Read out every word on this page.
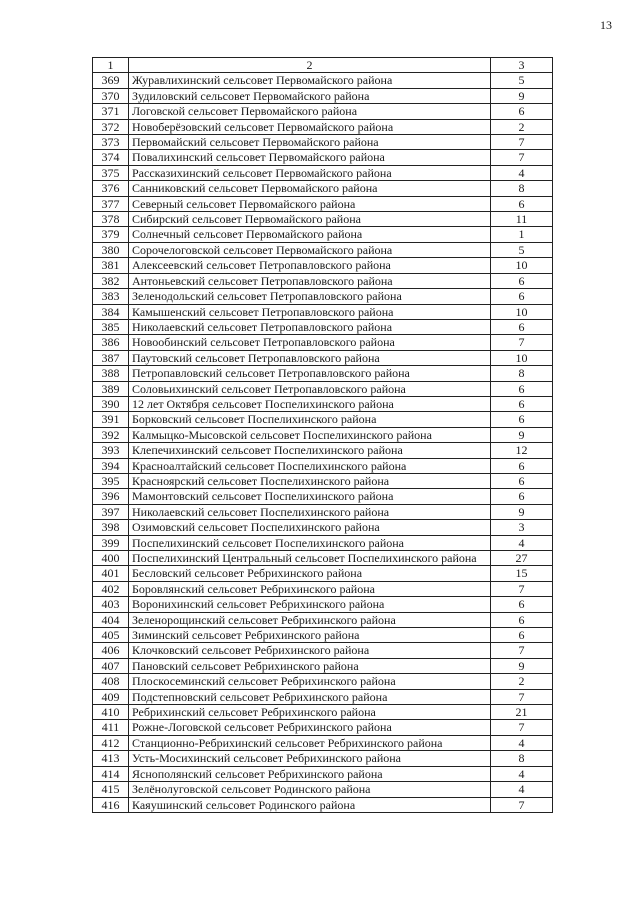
13
1	2	3
369	Журавлихинский сельсовет Первомайского района	5
370	Зудиловский сельсовет Первомайского района	9
371	Логовской сельсовет Первомайского района	6
372	Новоберёзовский сельсовет Первомайского района	2
373	Первомайский сельсовет Первомайского района	7
374	Повалихинский сельсовет Первомайского района	7
375	Рассказихинский сельсовет Первомайского района	4
376	Санниковский сельсовет Первомайского района	8
377	Северный сельсовет Первомайского района	6
378	Сибирский сельсовет Первомайского района	11
379	Солнечный сельсовет Первомайского района	1
380	Сорочелоговской сельсовет Первомайского района	5
381	Алексеевский сельсовет Петропавловского района	10
382	Антоньевский сельсовет Петропавловского района	6
383	Зеленодольский сельсовет Петропавловского района	6
384	Камышенский сельсовет Петропавловского района	10
385	Николаевский сельсовет Петропавловского района	6
386	Новообинский сельсовет Петропавловского района	7
387	Паутовский сельсовет Петропавловского района	10
388	Петропавловский сельсовет Петропавловского района	8
389	Соловьихинский сельсовет Петропавловского района	6
390	12 лет Октября сельсовет Поспелихинского района	6
391	Борковский сельсовет Поспелихинского района	6
392	Калмыцко-Мысовской сельсовет Поспелихинского района	9
393	Клепечихинский сельсовет Поспелихинского района	12
394	Красноалтайский сельсовет Поспелихинского района	6
395	Красноярский сельсовет Поспелихинского района	6
396	Мамонтовский сельсовет Поспелихинского района	6
397	Николаевский сельсовет Поспелихинского района	9
398	Озимовский сельсовет Поспелихинского района	3
399	Поспелихинский сельсовет Поспелихинского района	4
400	Поспелихинский Центральный сельсовет Поспелихинского района	27
401	Бесловский сельсовет Ребрихинского района	15
402	Боровлянский сельсовет Ребрихинского района	7
403	Воронихинский сельсовет Ребрихинского района	6
404	Зеленорощинский сельсовет Ребрихинского района	6
405	Зиминский сельсовет Ребрихинского района	6
406	Клочковский сельсовет Ребрихинского района	7
407	Пановский сельсовет Ребрихинского района	9
408	Плоскосеминский сельсовет Ребрихинского района	2
409	Подстепновский сельсовет Ребрихинского района	7
410	Ребрихинский сельсовет Ребрихинского района	21
411	Рожне-Логовской сельсовет Ребрихинского района	7
412	Станционно-Ребрихинский сельсовет Ребрихинского района	4
413	Усть-Мосихинский сельсовет Ребрихинского района	8
414	Яснополянский сельсовет Ребрихинского района	4
415	Зелёнолуговской сельсовет Родинского района	4
416	Каяушинский сельсовет Родинского района	7
